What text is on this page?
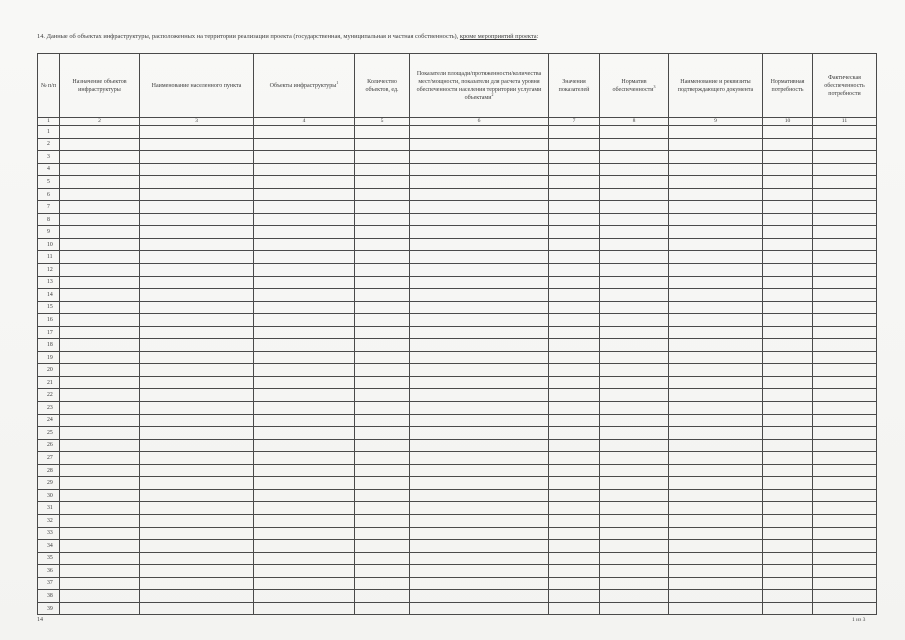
14. Данные об объектах инфраструктуры, расположенных на территории реализации проекта (государственная, муниципальная и частная собственность), кроме мероприятий проекта:
№ п/п	Назначение объектов инфраструктуры	Наименование населенного пункта	Объекты инфраструктуры$^1$	Количество объектов, ед.	Показатели площади/протяженности/количества мест/мощности, показатели для расчета уровня обеспеченности населения территории услугами объектами$^2$	Значения показателей	Норматив обеспеченности$^3$	Наименование и реквизиты подтверждающего документа	Нормативная потребность	Фактическая обеспеченность потребности
1	2	3	4	5	6	7	8	9	10	11
1										
2										
3										
4										
5										
6										
7										
8										
9										
10										
11										
12										
13										
14										
15										
16										
17										
18										
19										
20										
21										
22										
23										
24										
25										
26										
27										
28										
29										
30										
31										
32										
33										
34										
35										
36										
37										
38										
39										
14	1 из 3
